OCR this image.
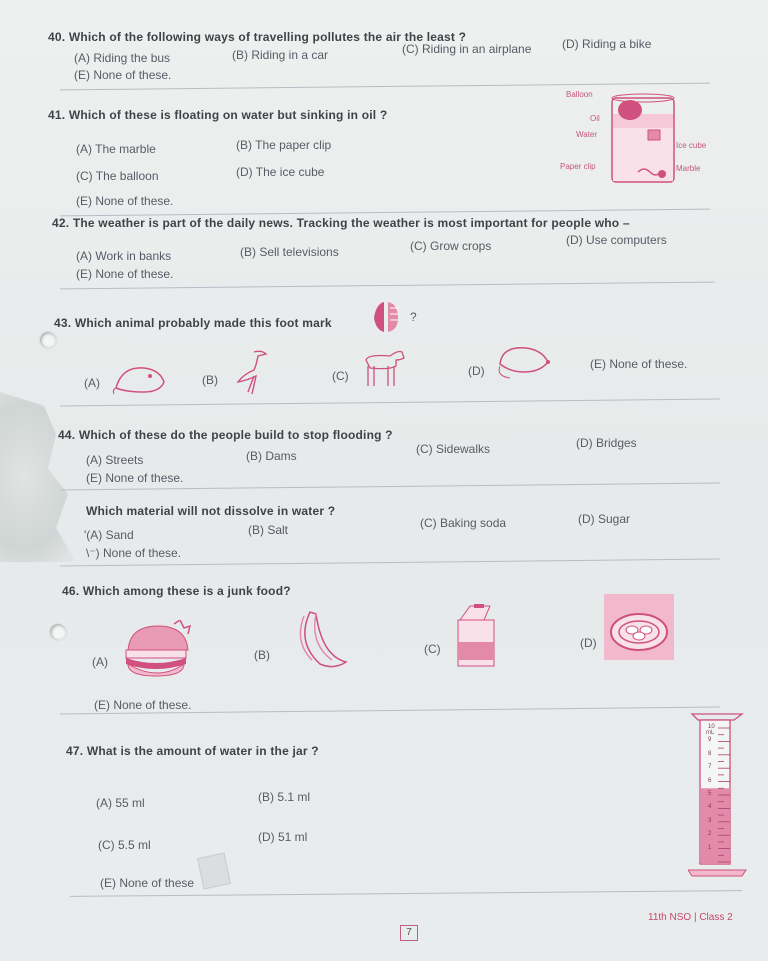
40. Which of the following ways of travelling pollutes the air the least ?
(A) Riding the bus	(B) Riding in a car	(C) Riding in an airplane	(D) Riding a bike
(E) None of these.
41. Which of these is floating on water but sinking in oil ?
(A) The marble	(B) The paper clip
(C) The balloon	(D) The ice cube
(E) None of these.
Balloon
Oil
Water
Ice cube
Paper clip	Marble
42. The weather is part of the daily news. Tracking the weather is most important for people who –
(A) Work in banks	(B) Sell televisions	(C) Grow crops	(D) Use computers
(E) None of these.
43. Which animal probably made this foot mark	?
(A)	(B)	(C)	(D)	(E) None of these.
44. Which of these do the people build to stop flooding ?
(A) Streets	(B) Dams	(C) Sidewalks	(D) Bridges
(E) None of these.
Which material will not dissolve in water ?
'(A) Sand	(B) Salt	(C) Baking soda	(D) Sugar
\⁻) None of these.
46. Which among these is a junk food?
(A)	(B)	(C)	(D)
(E) None of these.
47. What is the amount of water in the jar ?
(A) 55 ml	(B) 5.1 ml
(C) 5.5 ml
(D) 51 ml
(E) None of these
mL
10
9
8
7
6
5
4
3
2
1
7
11th NSO | Class 2
